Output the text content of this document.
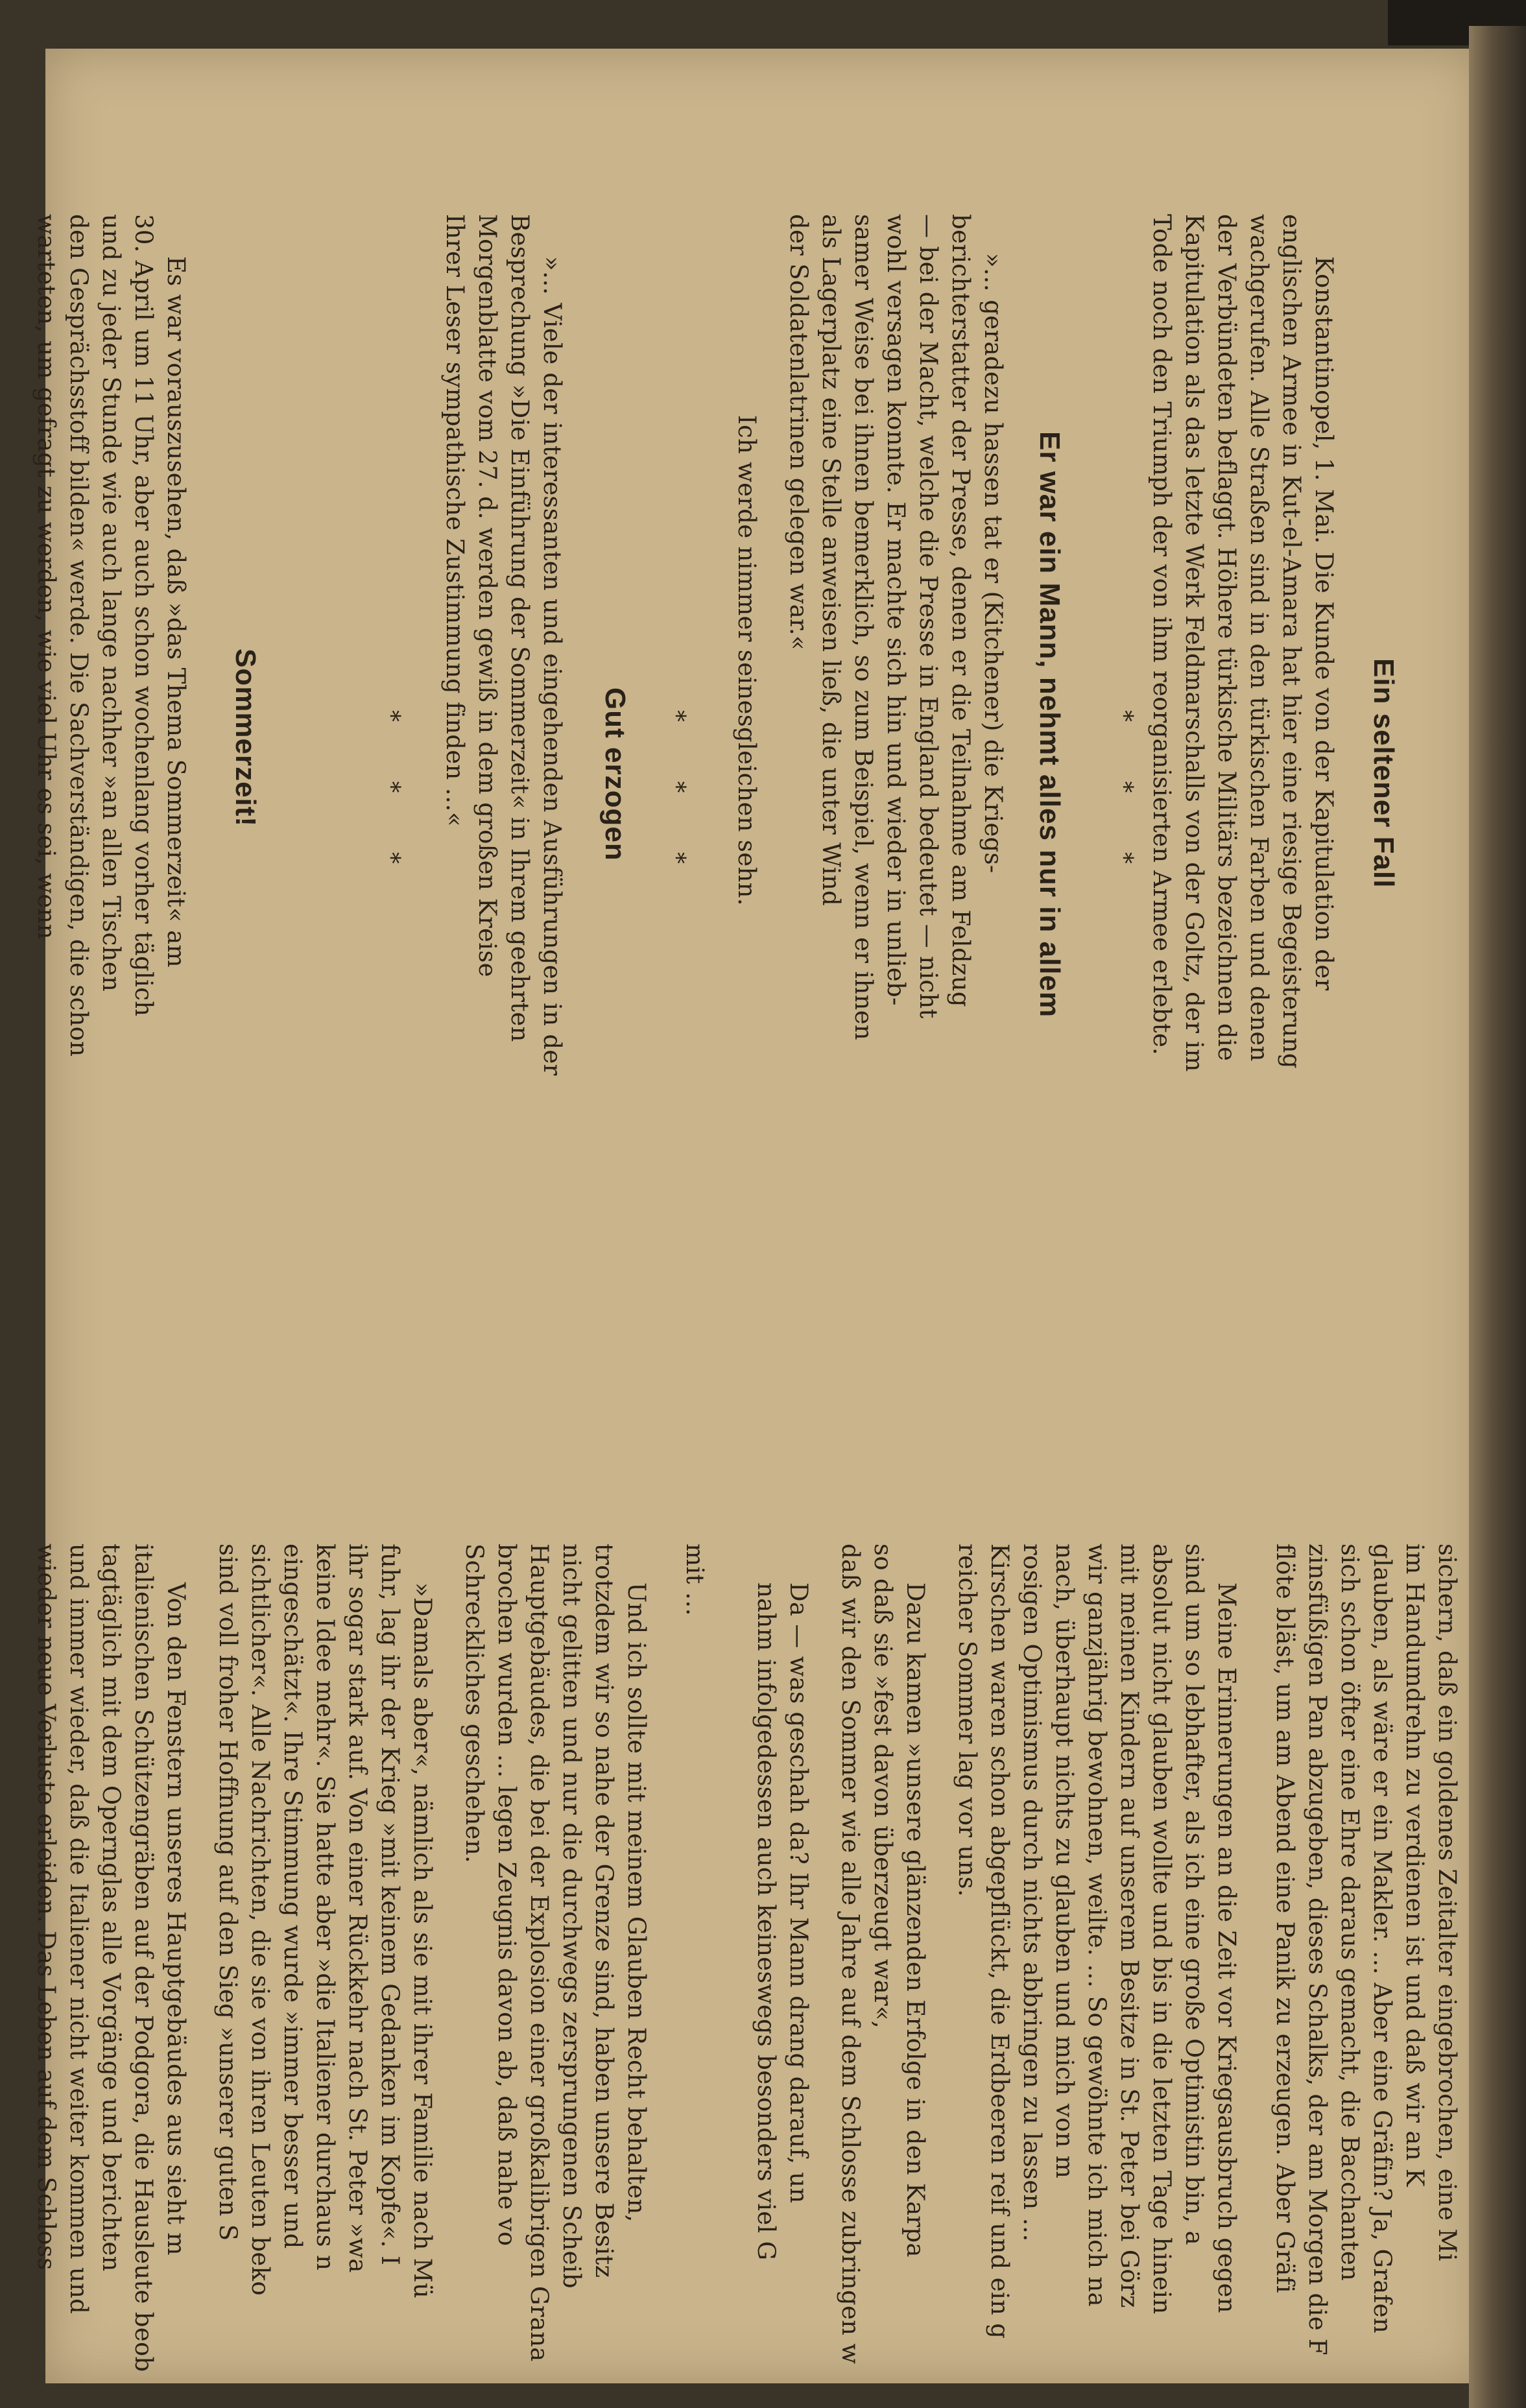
Ein seltener Fall
Konstantinopel, 1. Mai. Die Kunde von der Kapitulation der
englischen Armee in Kut-el-Amara hat hier eine riesige Begeisterung
wachgerufen. Alle Straßen sind in den türkischen Farben und denen
der Verbündeten beflaggt. Höhere türkische Militärs bezeichnen die
Kapitulation als das letzte Werk Feldmarschalls von der Goltz, der im
Tode noch den Triumph der von ihm reorganisierten Armee erlebte.
* * *
Er war ein Mann, nehmt alles nur in allem
»… geradezu hassen tat er (Kitchener) die Kriegs-
berichterstatter der Presse, denen er die Teilnahme am Feldzug
— bei der Macht, welche die Presse in England bedeutet — nicht
wohl versagen konnte. Er machte sich hin und wieder in unlieb-
samer Weise bei ihnen bemerklich, so zum Beispiel, wenn er ihnen
als Lagerplatz eine Stelle anweisen ließ, die unter Wind
der Soldatenlatrinen gelegen war.«
Ich werde nimmer seinesgleichen sehn.
* * *
Gut erzogen
»… Viele der interessanten und eingehenden Ausführungen in der
Besprechung »Die Einführung der Sommerzeit« in Ihrem geehrten
Morgenblatte vom 27. d. werden gewiß in dem großen Kreise
Ihrer Leser sympathische Zustimmung finden …«
* * *
Sommerzeit!
Es war vorauszusehen, daß »das Thema Sommerzeit« am
30. April um 11 Uhr, aber auch schon wochenlang vorher täglich
und zu jeder Stunde wie auch lange nachher »an allen Tischen
den Gesprächsstoff bilden« werde. Die Sachverständigen, die schon
warteten, um gefragt zu werden, wie viel Uhr es sei, wenn
sichern, daß ein goldenes Zeitalter eingebrochen, eine Mi
im Handumdrehn zu verdienen ist und daß wir an K
glauben, als wäre er ein Makler. … Aber eine Gräfin? Ja, Grafen
sich schon öfter eine Ehre daraus gemacht, die Bacchanten
zinsfüßigen Pan abzugeben, dieses Schalks, der am Morgen die F
flöte bläst, um am Abend eine Panik zu erzeugen. Aber Gräfi
Meine Erinnerungen an die Zeit vor Kriegsausbruch gegen
sind um so lebhafter, als ich eine große Optimistin bin, a
absolut nicht glauben wollte und bis in die letzten Tage hinein
mit meinen Kindern auf unserem Besitze in St. Peter bei Görz
wir ganzjährig bewohnen, weilte. … So gewöhnte ich mich na
nach, überhaupt nichts zu glauben und mich von m
rosigen Optimismus durch nichts abbringen zu lassen …
Kirschen waren schon abgepflückt, die Erdbeeren reif und ein g
reicher Sommer lag vor uns.
Dazu kamen »unsere glänzenden Erfolge in den Karpa
so daß sie »fest davon überzeugt war«,
daß wir den Sommer wie alle Jahre auf dem Schlosse zubringen w
Da — was geschah da? Ihr Mann drang darauf, un
nahm infolgedessen auch keineswegs besonders viel G
mit …
Und ich sollte mit meinem Glauben Recht behalten,
trotzdem wir so nahe der Grenze sind, haben unsere Besitz
nicht gelitten und nur die durchwegs zersprungenen Scheib
Hauptgebäudes, die bei der Explosion einer großkalibrigen Grana
brochen wurden … legen Zeugnis davon ab, daß nahe vo
Schreckliches geschehen.
»Damals aber«, nämlich als sie mit ihrer Familie nach Mü
fuhr, lag ihr der Krieg »mit keinem Gedanken im Kopfe«. I
ihr sogar stark auf. Von einer Rückkehr nach St. Peter »wa
keine Idee mehr«. Sie hatte aber »die Italiener durchaus n
eingeschätzt«. Ihre Stimmung wurde »immer besser und
sichtlicher«. Alle Nachrichten, die sie von ihren Leuten beko
sind voll froher Hoffnung auf den Sieg »unserer guten S
Von den Fenstern unseres Hauptgebäudes aus sieht m
italienischen Schützengräben auf der Podgora, die Hausleute beob
tagtäglich mit dem Opernglas alle Vorgänge und berichten
und immer wieder, daß die Italiener nicht weiter kommen und
wieder neue Verluste erleiden. Das Leben auf dem Schloss
